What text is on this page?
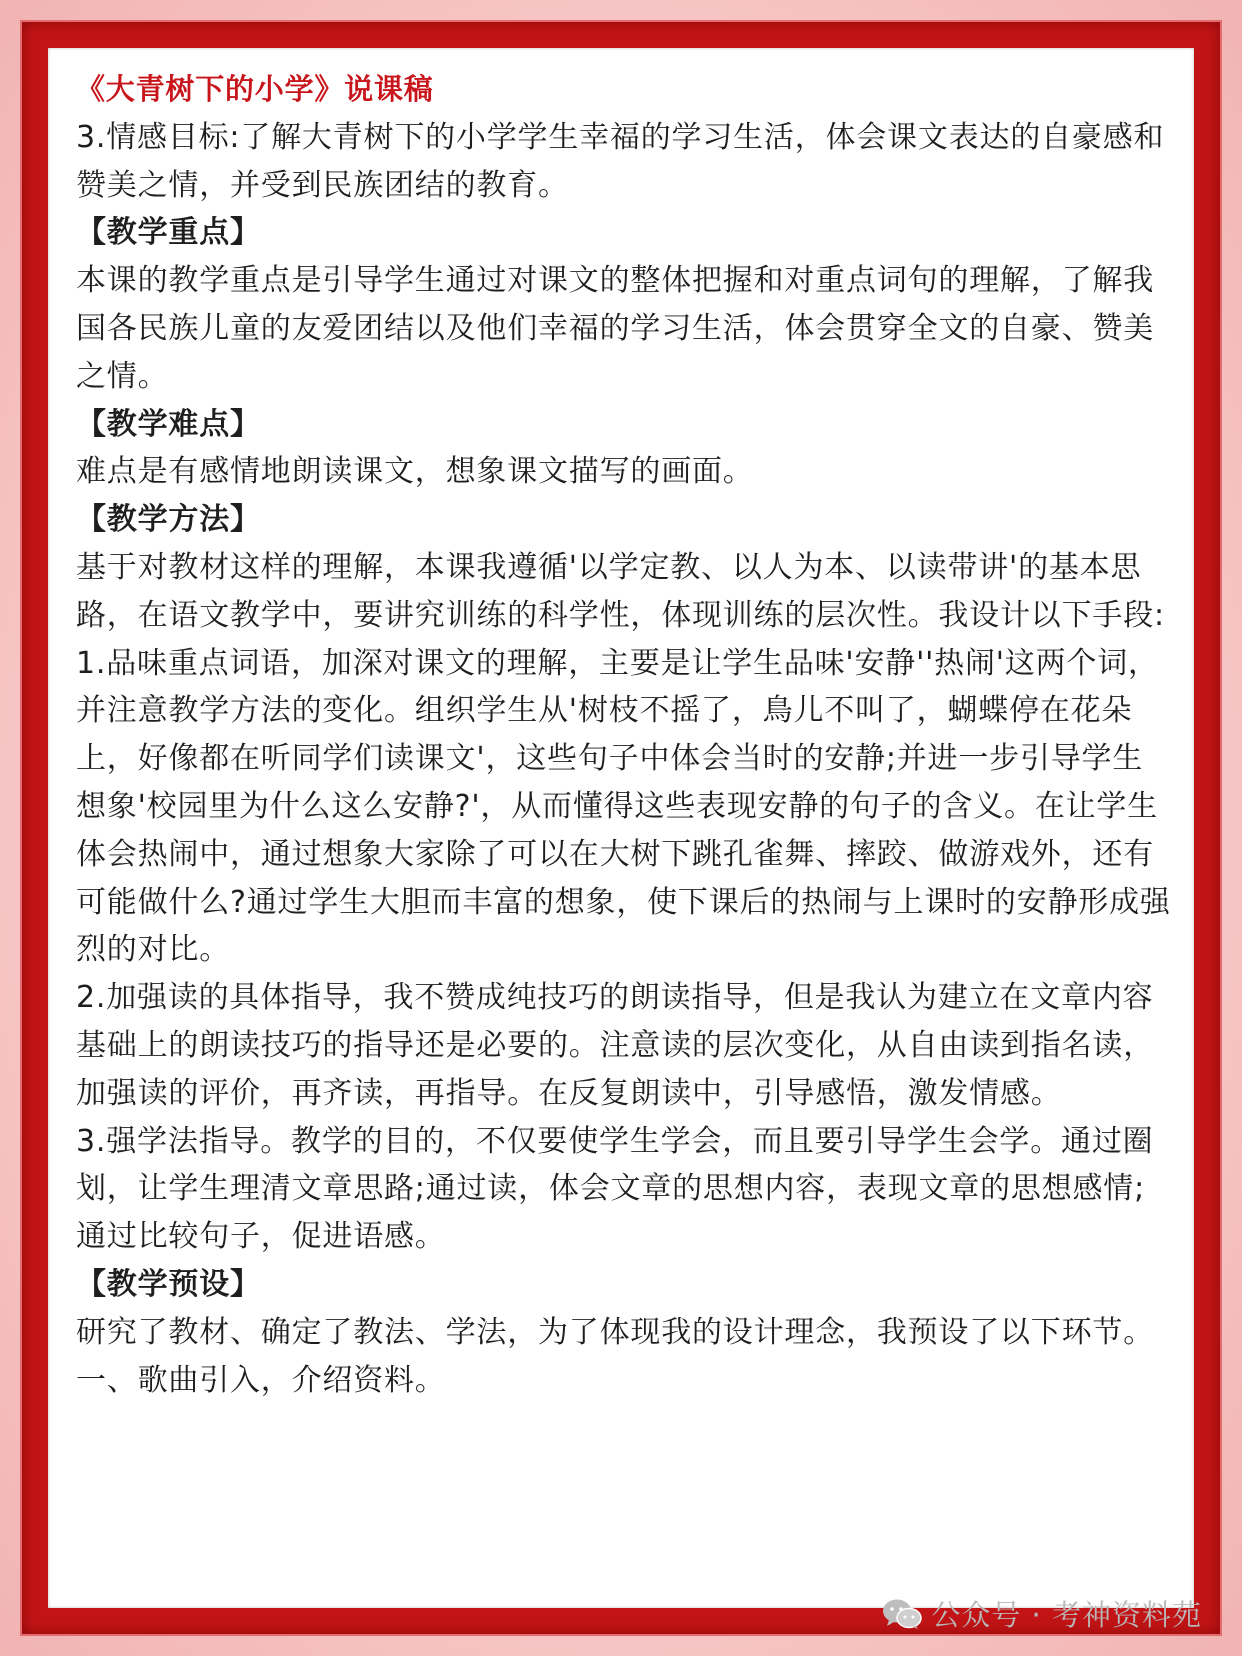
《大青树下的小学》说课稿

3.情感目标:了解大青树下的小学学生幸福的学习生活，体会课文表达的自豪感和赞美之情，并受到民族团结的教育。

【教学重点】

本课的教学重点是引导学生通过对课文的整体把握和对重点词句的理解，了解我国各民族儿童的友爱团结以及他们幸福的学习生活，体会贯穿全文的自豪、赞美之情。

【教学难点】

难点是有感情地朗读课文，想象课文描写的画面。

【教学方法】

基于对教材这样的理解，本课我遵循'以学定教、以人为本、以读带讲'的基本思路，在语文教学中，要讲究训练的科学性，体现训练的层次性。我设计以下手段:

1.品味重点词语，加深对课文的理解，主要是让学生品味'安静''热闹'这两个词，并注意教学方法的变化。组织学生从'树枝不摇了，鳥儿不叫了，蝴蝶停在花朵上，好像都在听同学们读课文'，这些句子中体会当时的安静;并进一步引导学生想象'校园里为什么这么安静?'，从而懂得这些表现安静的句子的含义。在让学生体会热闹中，通过想象大家除了可以在大树下跳孔雀舞、摔跤、做游戏外，还有可能做什么?通过学生大胆而丰富的想象，使下课后的热闹与上课时的安静形成强烈的对比。

2.加强读的具体指导，我不赞成纯技巧的朗读指导，但是我认为建立在文章内容基础上的朗读技巧的指导还是必要的。注意读的层次变化，从自由读到指名读，加强读的评价，再齐读，再指导。在反复朗读中，引导感悟，激发情感。

3.强学法指导。教学的目的，不仅要使学生学会，而且要引导学生会学。通过圈划，让学生理清文章思路;通过读，体会文章的思想内容，表现文章的思想感情;通过比较句子，促进语感。

【教学预设】

研究了教材、确定了教法、学法，为了体现我的设计理念，我预设了以下环节。

一、歌曲引入，介绍资料。

公众号 · 考神资料苑
